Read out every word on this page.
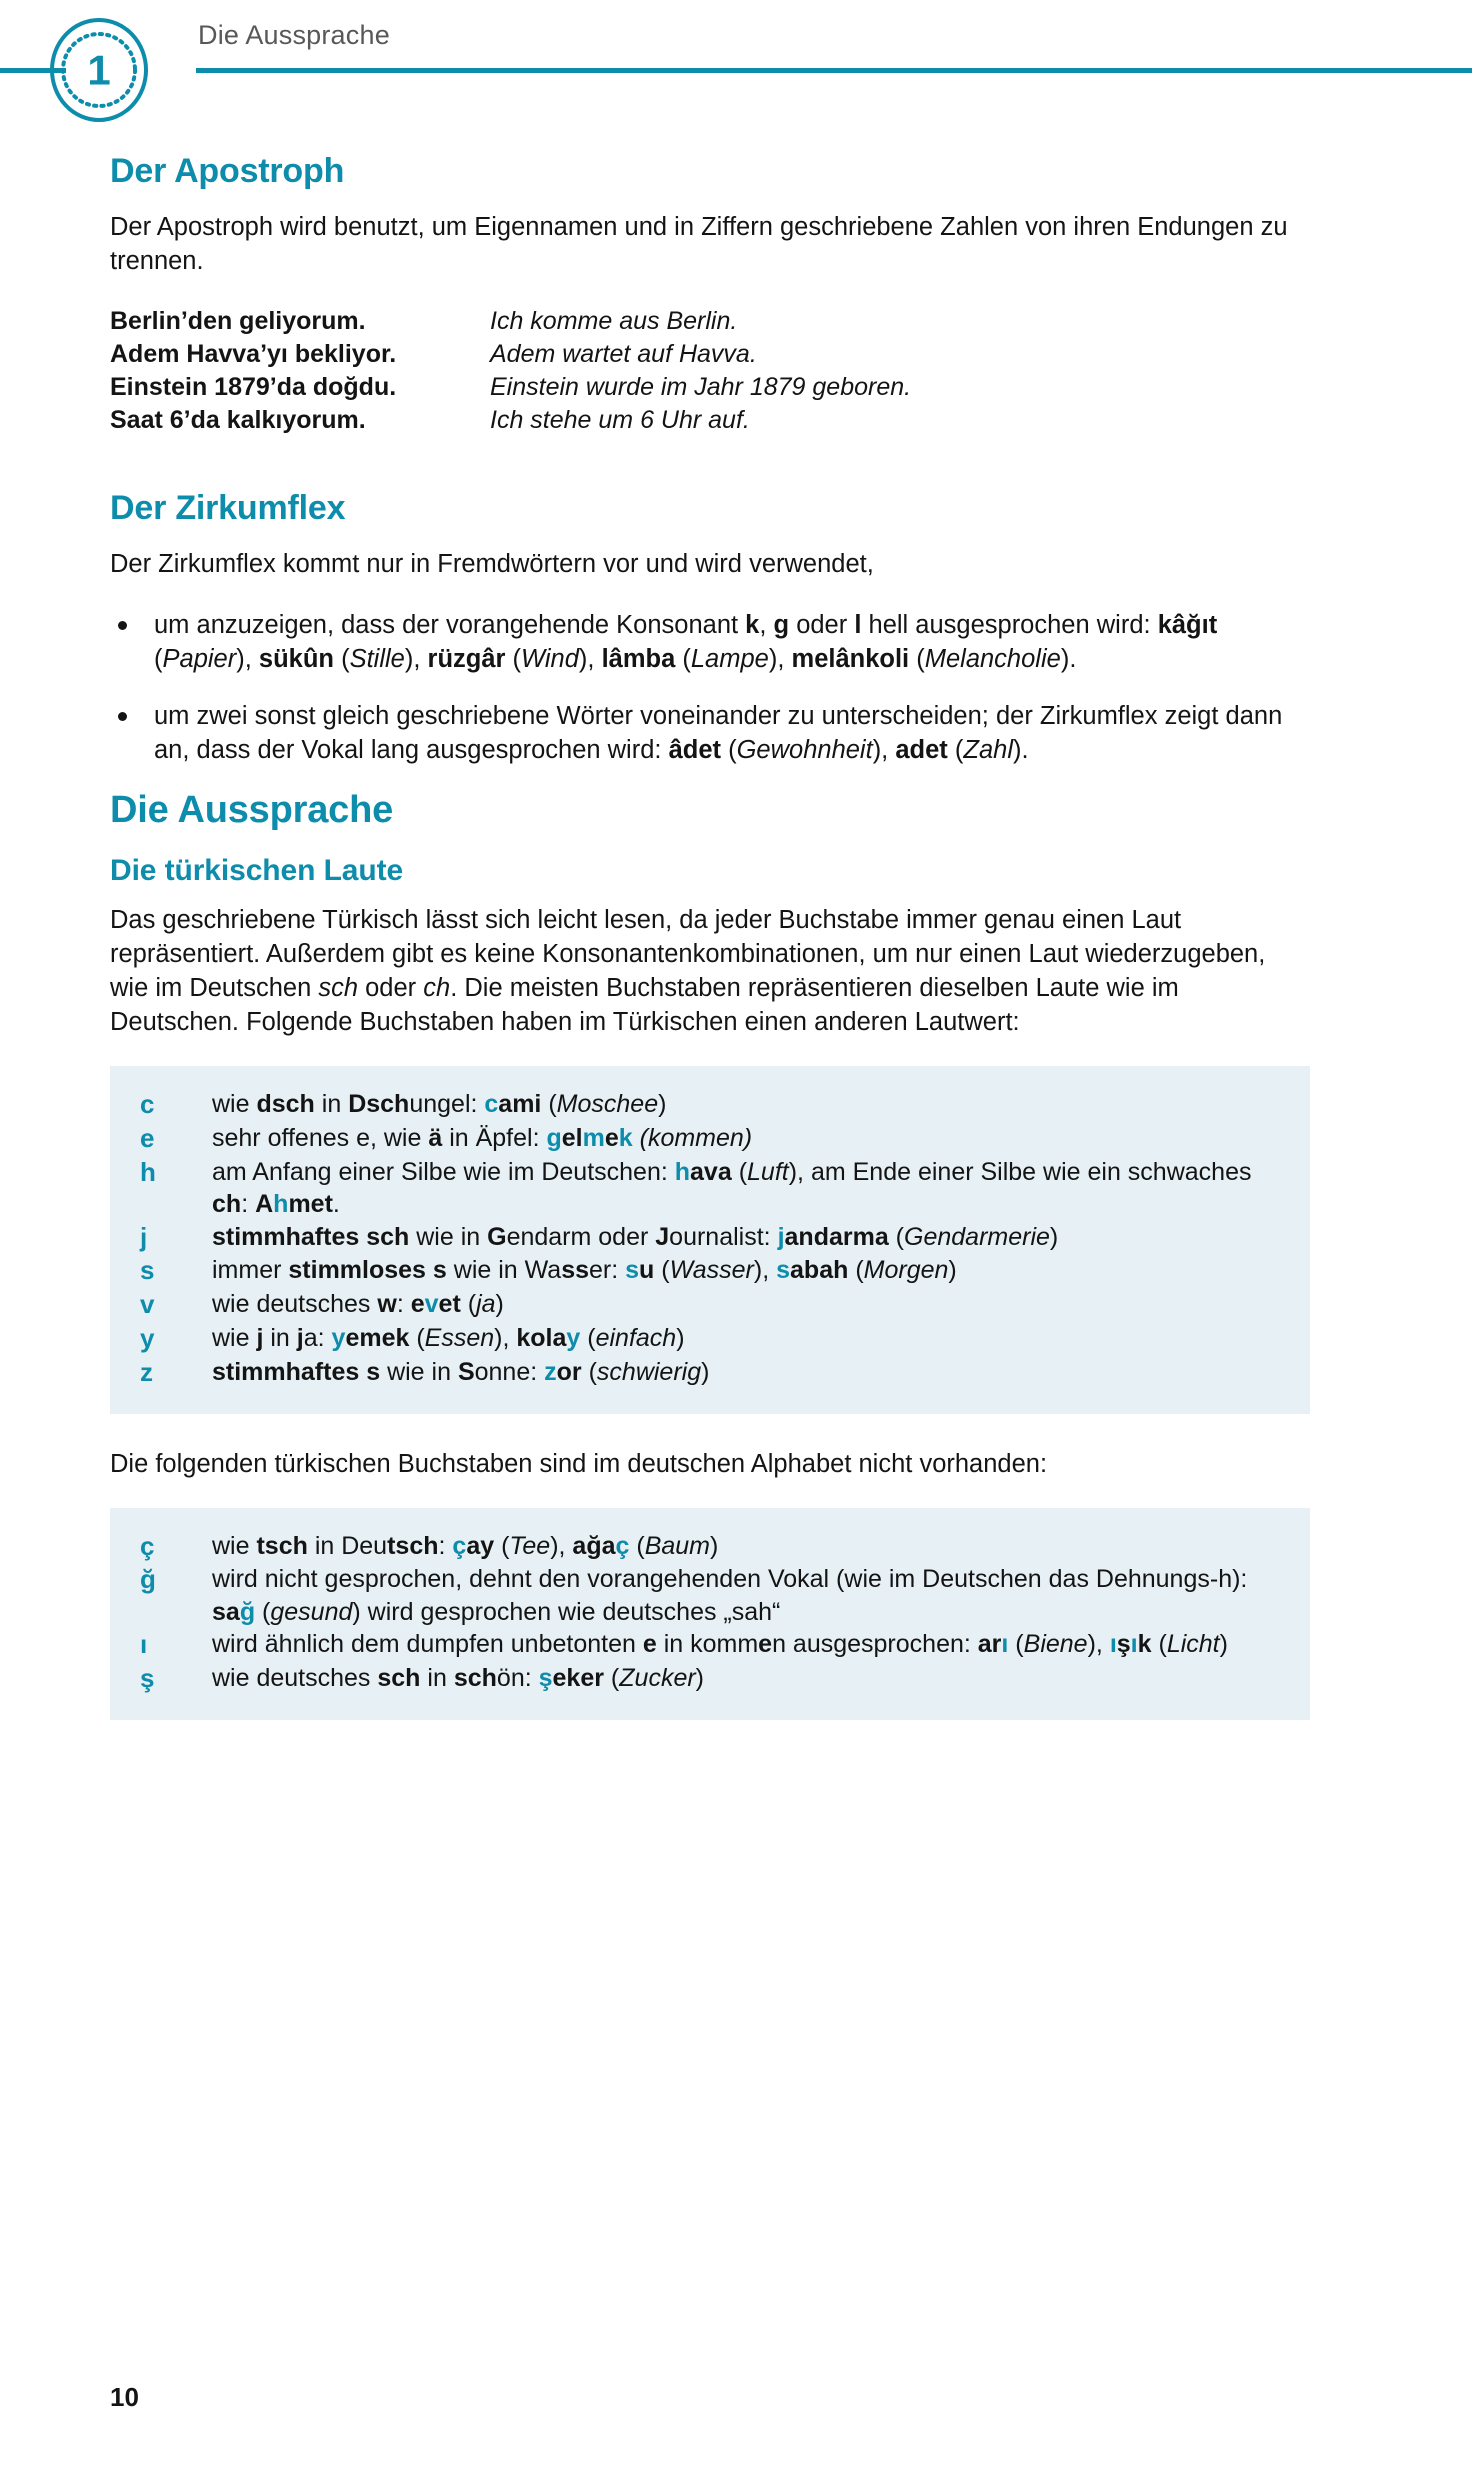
1
Die Aussprache
Der Apostroph

Der Apostroph wird benutzt, um Eigennamen und in Ziffern geschriebene Zahlen von ihren Endungen zu trennen.

Berlin’den geliyorum.	Ich komme aus Berlin.
Adem Havva’yı bekliyor.	Adem wartet auf Havva.
Einstein 1879’da doğdu.	Einstein wurde im Jahr 1879 geboren.
Saat 6’da kalkıyorum.	Ich stehe um 6 Uhr auf.
Der Zirkumflex

Der Zirkumflex kommt nur in Fremdwörtern vor und wird verwendet,

um anzuzeigen, dass der vorangehende Konsonant k, g oder l hell ausgesprochen wird: kâğıt (Papier), sükûn (Stille), rüzgâr (Wind), lâmba (Lampe), melânkoli (Melancholie).
um zwei sonst gleich geschriebene Wörter voneinander zu unterscheiden; der Zirkumflex zeigt dann an, dass der Vokal lang ausgesprochen wird: âdet (Gewohnheit), adet (Zahl).
Die Aussprache
Die türkischen Laute

Das geschriebene Türkisch lässt sich leicht lesen, da jeder Buchstabe immer genau einen Laut repräsentiert. Außerdem gibt es keine Konsonantenkombinationen, um nur einen Laut wiederzugeben, wie im Deutschen sch oder ch. Die meisten Buchstaben repräsentieren dieselben Laute wie im Deutschen. Folgende Buchstaben haben im Türkischen einen anderen Lautwert:

c	wie dsch in Dschungel: cami (Moschee)
e	sehr offenes e, wie ä in Äpfel: gelmek (kommen)
h	am Anfang einer Silbe wie im Deutschen: hava (Luft), am Ende einer Silbe wie ein schwaches ch: Ahmet.
j	stimmhaftes sch wie in Gendarm oder Journalist: jandarma (Gendarmerie)
s	immer stimmloses s wie in Wasser: su (Wasser), sabah (Morgen)
v	wie deutsches w: evet (ja)
y	wie j in ja: yemek (Essen), kolay (einfach)
z	stimmhaftes s wie in Sonne: zor (schwierig)

Die folgenden türkischen Buchstaben sind im deutschen Alphabet nicht vorhanden:

ç	wie tsch in Deutsch: çay (Tee), ağaç (Baum)
ğ	wird nicht gesprochen, dehnt den vorangehenden Vokal (wie im Deutschen das Dehnungs-h): sağ (gesund) wird gesprochen wie deutsches „sah“
ı	wird ähnlich dem dumpfen unbetonten e in kommen ausgesprochen: arı (Biene), ışık (Licht)
ş	wie deutsches sch in schön: şeker (Zucker)
10
